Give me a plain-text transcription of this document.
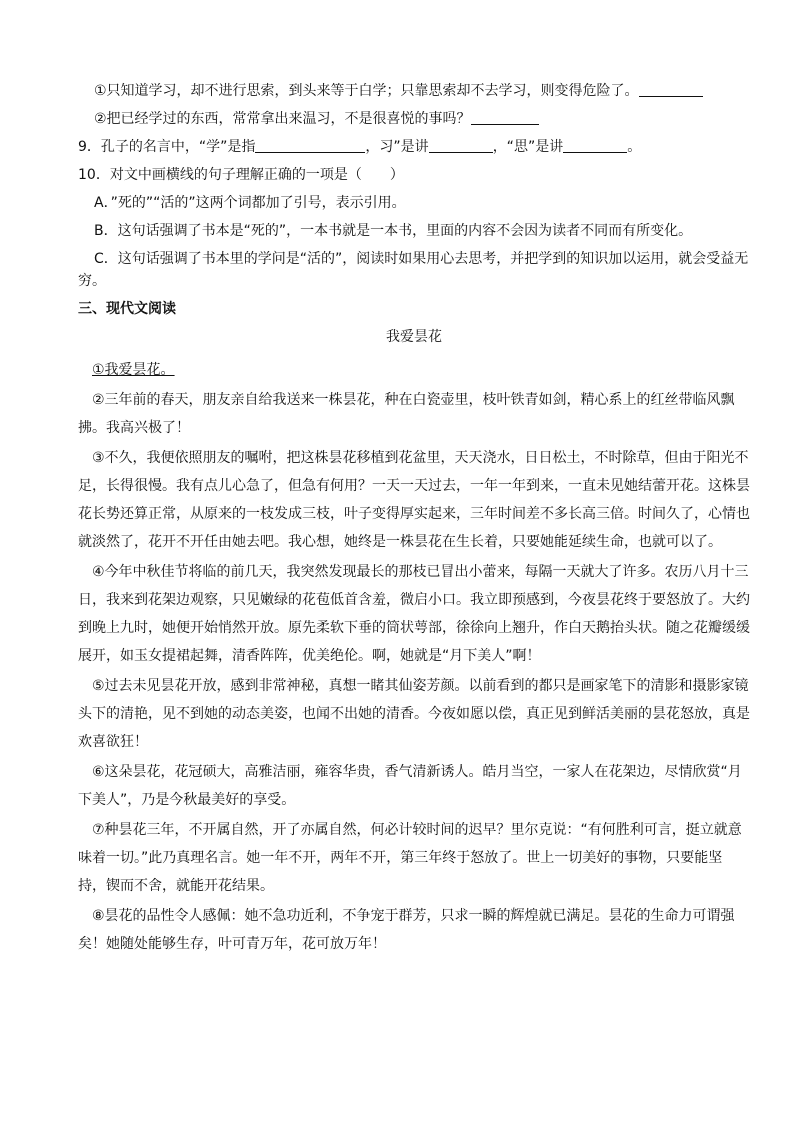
①只知道学习，却不进行思索，到头来等于白学；只靠思索却不去学习，则变得危险了。
②把已经学过的东西，常常拿出来温习，不是很喜悦的事吗？
9．孔子的名言中，“学”是指	，习”是讲	，“思”是讲	。
10．对文中画横线的句子理解正确的一项是（　　）
A．”死的”“活的”这两个词都加了引号，表示引用。
B．这句话强调了书本是“死的”，一本书就是一本书，里面的内容不会因为读者不同而有所变化。
C．这句话强调了书本里的学问是“活的”，阅读时如果用心去思考，并把学到的知识加以运用，就会受益无穷。
三、现代文阅读
我爱昙花
①我爱昙花。
②三年前的春天，朋友亲自给我送来一株昙花，种在白瓷壶里，枝叶铁青如剑，精心系上的红丝带临风飘拂。我高兴极了！
③不久，我便依照朋友的嘱咐，把这株昙花移植到花盆里，天天浇水，日日松土，不时除草，但由于阳光不足，长得很慢。我有点儿心急了，但急有何用？一天一天过去，一年一年到来，一直未见她结蕾开花。这株昙花长势还算正常，从原来的一枝发成三枝，叶子变得厚实起来，三年时间差不多长高三倍。时间久了，心情也就淡然了，花开不开任由她去吧。我心想，她终是一株昙花在生长着，只要她能延续生命，也就可以了。
④今年中秋佳节将临的前几天，我突然发现最长的那枝已冒出小蕾来，每隔一天就大了许多。农历八月十三日，我来到花架边观察，只见嫩绿的花苞低首含羞，微启小口。我立即预感到，今夜昙花终于要怒放了。大约到晚上九时，她便开始悄然开放。原先柔软下垂的筒状萼部，徐徐向上翘升，作白天鹅抬头状。随之花瓣缓缓展开，如玉女提裙起舞，清香阵阵，优美绝伦。啊，她就是“月下美人”啊！
⑤过去未见昙花开放，感到非常神秘，真想一睹其仙姿芳颜。以前看到的都只是画家笔下的清影和摄影家镜头下的清艳，见不到她的动态美姿，也闻不出她的清香。今夜如愿以偿，真正见到鲜活美丽的昙花怒放，真是欢喜欲狂！
⑥这朵昙花，花冠硕大，高雅洁丽，雍容华贵，香气清新诱人。皓月当空，一家人在花架边，尽情欣赏“月下美人”，乃是今秋最美好的享受。
⑦种昙花三年，不开属自然，开了亦属自然，何必计较时间的迟早？里尔克说：“有何胜利可言，挺立就意味着一切。”此乃真理名言。她一年不开，两年不开，第三年终于怒放了。世上一切美好的事物，只要能坚持，锲而不舍，就能开花结果。
⑧昙花的品性令人感佩：她不急功近利，不争宠于群芳，只求一瞬的辉煌就已满足。昙花的生命力可谓强矣！她随处能够生存，叶可青万年，花可放万年！
